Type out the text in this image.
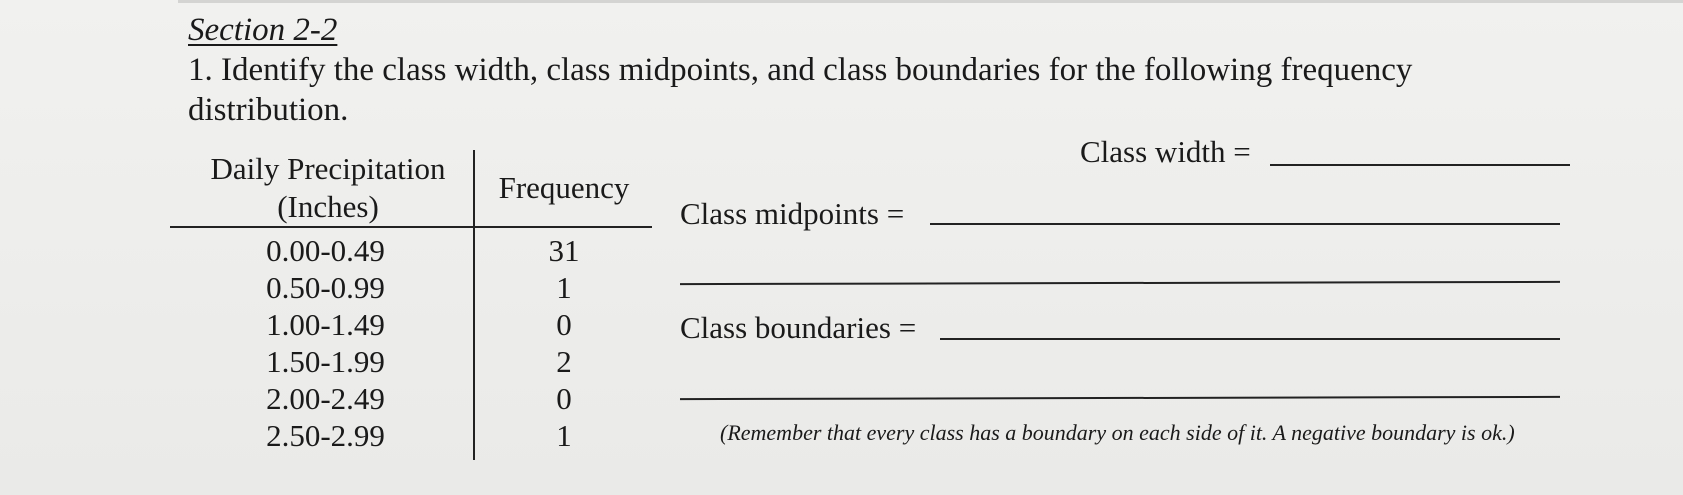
Section 2-2
1. Identify the class width, class midpoints, and class boundaries for the following frequency
distribution.
Daily Precipitation
(Inches)
Frequency
0.00-0.49	31
0.50-0.99	1
1.00-1.49	0
1.50-1.99	2
2.00-2.49	0
2.50-2.99	1
Class width =
Class midpoints =
Class boundaries =
(Remember that every class has a boundary on each side of it. A negative boundary is ok.)
